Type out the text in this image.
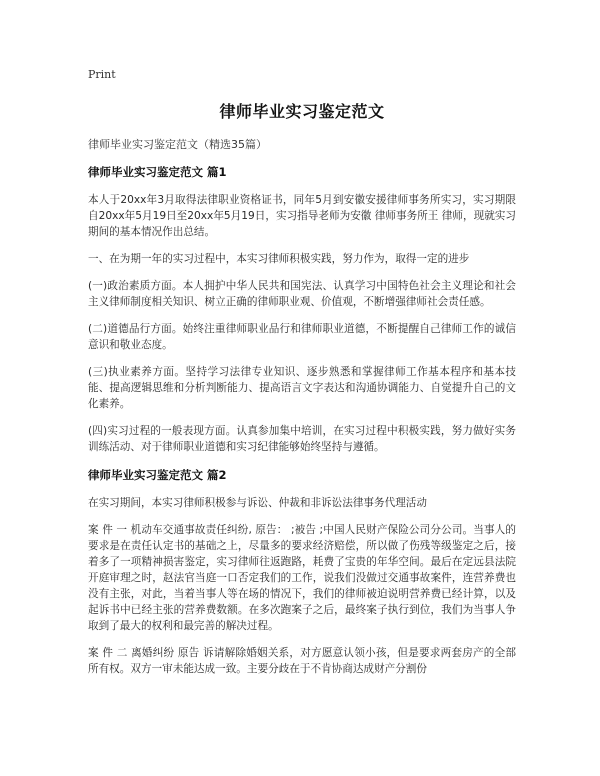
Print
律师毕业实习鉴定范文
律师毕业实习鉴定范文（精选35篇）
律师毕业实习鉴定范文 篇1

本人于20xx年3月取得法律职业资格证书，同年5月到安徽安援律师事务所实习，实习期限自20xx年5月19日至20xx年5月19日，实习指导老师为安徽 律师事务所王 律师，现就实习期间的基本情况作出总结。

一、在为期一年的实习过程中，本实习律师积极实践，努力作为，取得一定的进步

(一)政治素质方面。本人拥护中华人民共和国宪法、认真学习中国特色社会主义理论和社会主义律师制度相关知识、树立正确的律师职业观、价值观，不断增强律师社会责任感。

(二)道德品行方面。始终注重律师职业品行和律师职业道德，不断提醒自己律师工作的诚信意识和敬业态度。

(三)执业素养方面。坚持学习法律专业知识、逐步熟悉和掌握律师工作基本程序和基本技能、提高逻辑思维和分析判断能力、提高语言文字表达和沟通协调能力、自觉提升自己的文化素养。

(四)实习过程的一般表现方面。认真参加集中培训，在实习过程中积极实践，努力做好实务训练活动、对于律师职业道德和实习纪律能够始终坚持与遵循。

律师毕业实习鉴定范文 篇2

在实习期间，本实习律师积极参与诉讼、仲裁和非诉讼法律事务代理活动

案 件 一 机动车交通事故责任纠纷, 原告： ;被告 ;中国人民财产保险公司分公司。当事人的要求是在责任认定书的基础之上，尽量多的要求经济赔偿，所以做了伤残等级鉴定之后，接着多了一项精神损害鉴定，实习律师往返跑路，耗费了宝贵的年华空间。最后在定远县法院开庭审理之时，赵法官当庭一口否定我们的工作，说我们没做过交通事故案件，连营养费也没有主张，对此，当着当事人等在场的情况下，我们的律师被迫说明营养费已经计算，以及起诉书中已经主张的营养费数额。在多次跑案子之后，最终案子执行到位，我们为当事人争取到了最大的权利和最完善的解决过程。

案 件 二 离婚纠纷 原告 诉请解除婚姻关系，对方愿意认领小孩，但是要求两套房产的全部所有权。双方一审未能达成一致。主要分歧在于不肯协商达成财产分割份
